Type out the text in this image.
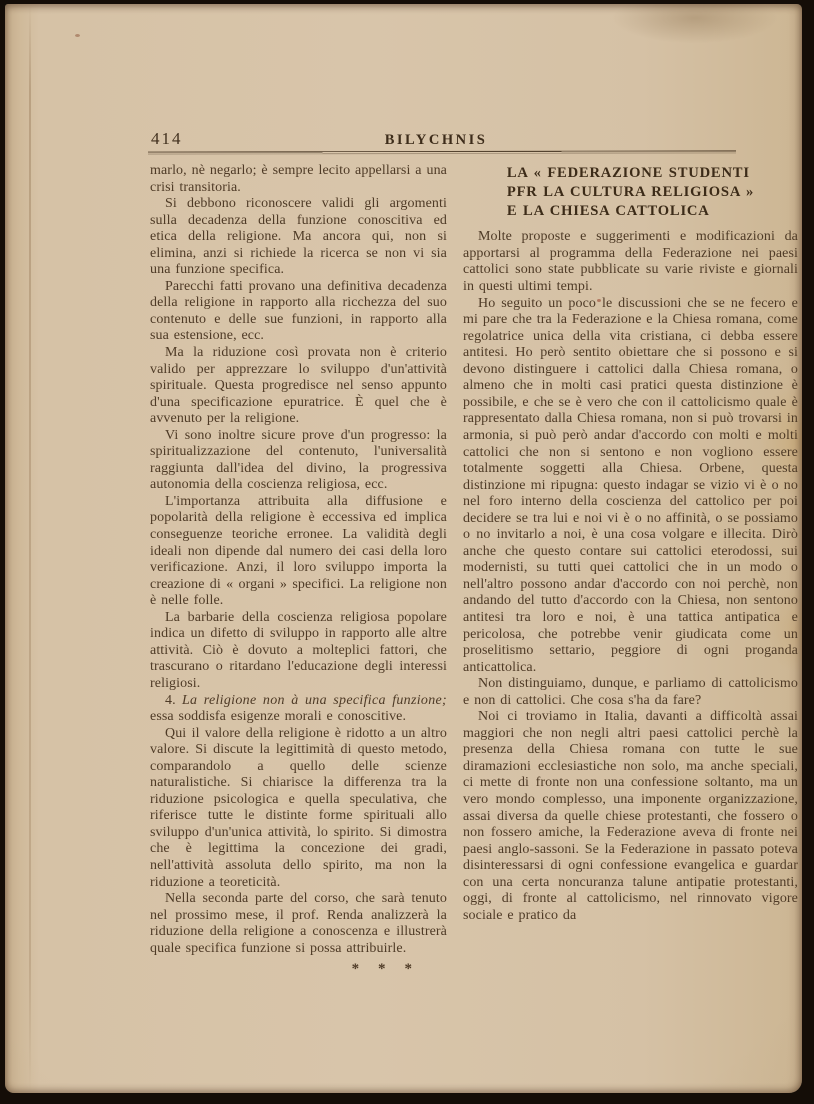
414	BILYCHNIS

marlo, nè negarlo; è sempre lecito appellarsi a una crisi transitoria.

Si debbono riconoscere validi gli argomenti sulla decadenza della funzione conoscitiva ed etica della religione. Ma ancora qui, non si elimina, anzi si richiede la ricerca se non vi sia una funzione specifica.

Parecchi fatti provano una definitiva decadenza della religione in rapporto alla ricchezza del suo contenuto e delle sue funzioni, in rapporto alla sua estensione, ecc.

Ma la riduzione così provata non è criterio valido per apprezzare lo sviluppo d'un'attività spirituale. Questa progredisce nel senso appunto d'una specificazione epuratrice. È quel che è avvenuto per la religione.

Vi sono inoltre sicure prove d'un progresso: la spiritualizzazione del contenuto, l'universalità raggiunta dall'idea del divino, la progressiva autonomia della coscienza religiosa, ecc.

L'importanza attribuita alla diffusione e popolarità della religione è eccessiva ed implica conseguenze teoriche erronee. La validità degli ideali non dipende dal numero dei casi della loro verificazione. Anzi, il loro sviluppo importa la creazione di « organi » specifici. La religione non è nelle folle.

La barbarie della coscienza religiosa popolare indica un difetto di sviluppo in rapporto alle altre attività. Ciò è dovuto a molteplici fattori, che trascurano o ritardano l'educazione degli interessi religiosi.

4. La religione non à una specifica funzione; essa soddisfa esigenze morali e conoscitive.

Qui il valore della religione è ridotto a un altro valore. Si discute la legittimità di questo metodo, comparandolo a quello delle scienze naturalistiche. Si chiarisce la differenza tra la riduzione psicologica e quella speculativa, che riferisce tutte le distinte forme spirituali allo sviluppo d'un'unica attività, lo spirito. Si dimostra che è legittima la concezione dei gradi, nell'attività assoluta dello spirito, ma non la riduzione a teoreticità.

Nella seconda parte del corso, che sarà tenuto nel prossimo mese, il prof. Renda analizzerà la riduzione della religione a conoscenza e illustrerà quale specifica funzione si possa attribuirle.

* * *
LA « FEDERAZIONE STUDENTI
PFR LA CULTURA RELIGIOSA »
E LA CHIESA CATTOLICA

Molte proposte e suggerimenti e modificazioni da apportarsi al programma della Federazione nei paesi cattolici sono state pubblicate su varie riviste e giornali in questi ultimi tempi.

Ho seguito un poco le discussioni che se ne fecero e mi pare che tra la Federazione e la Chiesa romana, come regolatrice unica della vita cristiana, ci debba essere antitesi. Ho però sentito obiettare che si possono e si devono distinguere i cattolici dalla Chiesa romana, o almeno che in molti casi pratici questa distinzione è possibile, e che se è vero che con il cattolicismo quale è rappresentato dalla Chiesa romana, non si può trovarsi in armonia, si può però andar d'accordo con molti e molti cattolici che non si sentono e non vogliono essere totalmente soggetti alla Chiesa. Orbene, questa distinzione mi ripugna: questo indagar se vizio vi è o no nel foro interno della coscienza del cattolico per poi decidere se tra lui e noi vi è o no affinità, o se possiamo o no invitarlo a noi, è una cosa volgare e illecita. Dirò anche che questo contare sui cattolici eterodossi, sui modernisti, su tutti quei cattolici che in un modo o nell'altro possono andar d'accordo con noi perchè, non andando del tutto d'accordo con la Chiesa, non sentono antitesi tra loro e noi, è una tattica antipatica e pericolosa, che potrebbe venir giudicata come un proselitismo settario, peggiore di ogni proganda anticattolica.

Non distinguiamo, dunque, e parliamo di cattolicismo e non di cattolici. Che cosa s'ha da fare?

Noi ci troviamo in Italia, davanti a difficoltà assai maggiori che non negli altri paesi cattolici perchè la presenza della Chiesa romana con tutte le sue diramazioni ecclesiastiche non solo, ma anche speciali, ci mette di fronte non una confessione soltanto, ma un vero mondo complesso, una imponente organizzazione, assai diversa da quelle chiese protestanti, che fossero o non fossero amiche, la Federazione aveva di fronte nei paesi anglo-sassoni. Se la Federazione in passato poteva disinteressarsi di ogni confessione evangelica e guardar con una certa noncuranza talune antipatie protestanti, oggi, di fronte al cattolicismo, nel rinnovato vigore sociale e pratico da
